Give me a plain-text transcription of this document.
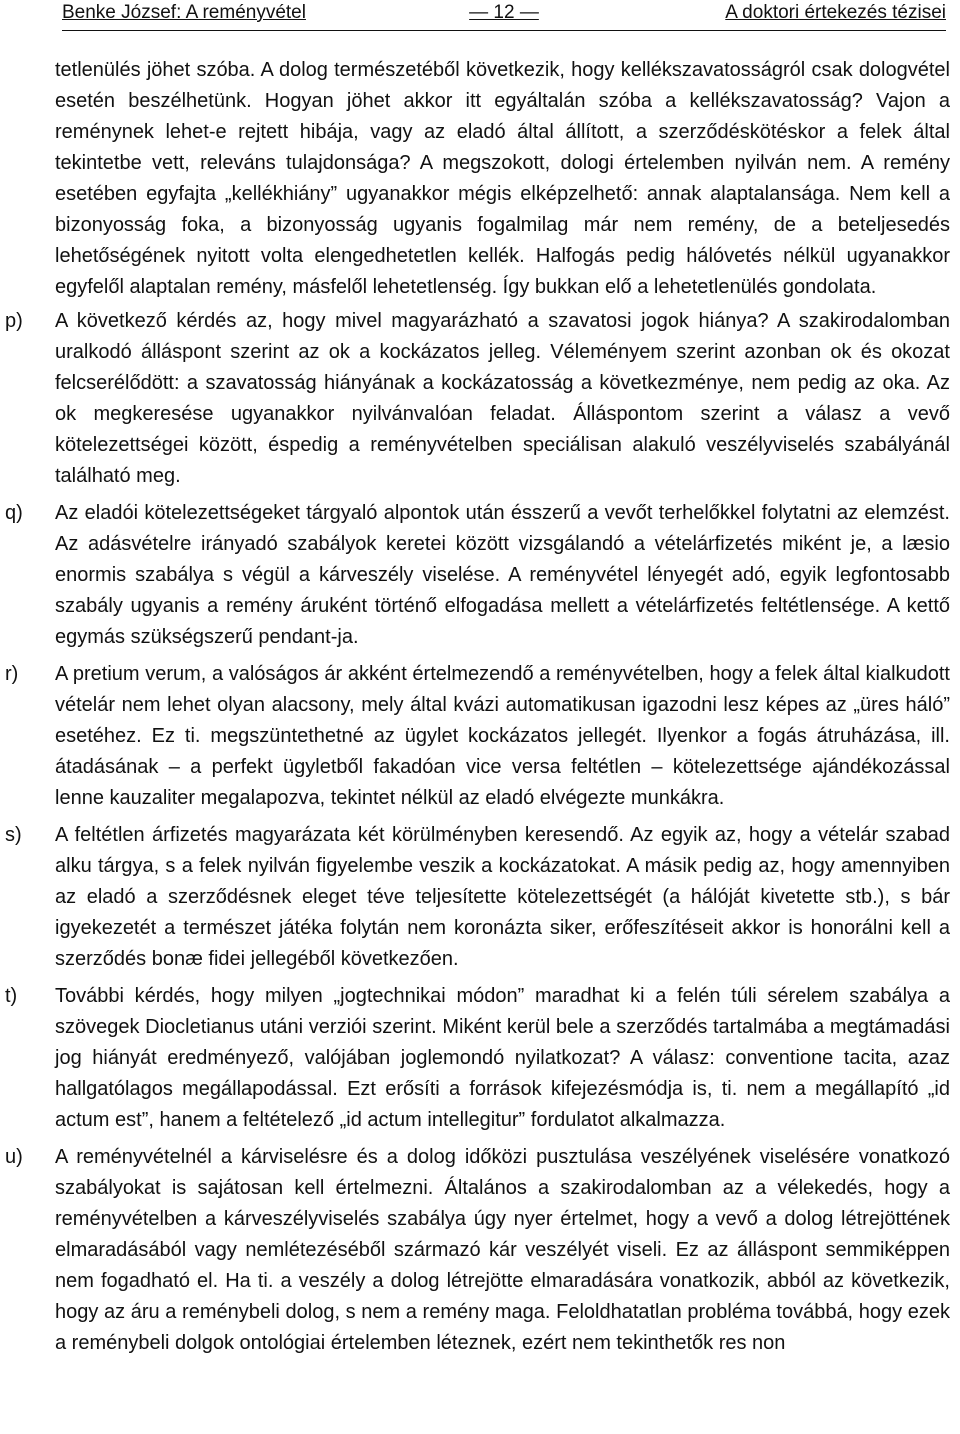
Benke József: A reményvétel	— 12 —	A doktori értekezés tézisei
tetlenülés jöhet szóba. A dolog természetéből következik, hogy kellékszavatosságról csak dologvétel esetén beszélhetünk. Hogyan jöhet akkor itt egyáltalán szóba a kellékszavatosság? Vajon a reménynek lehet-e rejtett hibája, vagy az eladó által állított, a szerződéskötéskor a felek által tekintetbe vett, releváns tulajdonsága? A megszokott, dologi értelemben nyilván nem. A remény esetében egyfajta „kellékhiány” ugyanakkor mégis elképzelhető: annak alaptalansága. Nem kell a bizonyosság foka, a bizonyosság ugyanis fogalmilag már nem remény, de a beteljesedés lehetőségének nyitott volta elengedhetetlen kellék. Halfogás pedig hálóvetés nélkül ugyanakkor egyfelől alaptalan remény, másfelől lehetetlenség. Így bukkan elő a lehetetlenülés gondolata.
p) A következő kérdés az, hogy mivel magyarázható a szavatosi jogok hiánya? A szakirodalomban uralkodó álláspont szerint az ok a kockázatos jelleg. Véleményem szerint azonban ok és okozat felcserélődött: a szavatosság hiányának a kockázatosság a következménye, nem pedig az oka. Az ok megkeresése ugyanakkor nyilvánvalóan feladat. Álláspontom szerint a válasz a vevő kötelezettségei között, éspedig a reményvételben speciálisan alakuló veszélyviselés szabályánál található meg.
q) Az eladói kötelezettségeket tárgyaló alpontok után ésszerű a vevőt terhelőkkel folytatni az elemzést. Az adásvételre irányadó szabályok keretei között vizsgálandó a vételárfizetés miként je, a læsio enormis szabálya s végül a kárveszély viselése. A reményvétel lényegét adó, egyik legfontosabb szabály ugyanis a remény áruként történő elfogadása mellett a vételárfizetés feltétlensége. A kettő egymás szükségszerű pendant-ja.
r) A pretium verum, a valóságos ár akként értelmezendő a reményvételben, hogy a felek által kialkudott vételár nem lehet olyan alacsony, mely által kvázi automatikusan igazodni lesz képes az „üres háló” esetéhez. Ez ti. megszüntethetné az ügylet kockázatos jellegét. Ilyenkor a fogás átruházása, ill. átadásának – a perfekt ügyletből fakadóan vice versa feltétlen – kötelezettsége ajándékozással lenne kauzaliter megalapozva, tekintet nélkül az eladó elvégezte munkákra.
s) A feltétlen árfizetés magyarázata két körülményben keresendő. Az egyik az, hogy a vételár szabad alku tárgya, s a felek nyilván figyelembe veszik a kockázatokat. A másik pedig az, hogy amennyiben az eladó a szerződésnek eleget téve teljesítette kötelezettségét (a hálóját kivetette stb.), s bár igyekezetét a természet játéka folytán nem koronázta siker, erőfeszítéseit akkor is honorálni kell a szerződés bonæ fidei jellegéből következően.
t) További kérdés, hogy milyen „jogtechnikai módon” maradhat ki a felén túli sérelem szabálya a szövegek Diocletianus utáni verziói szerint. Miként kerül bele a szerződés tartalmába a megtámadási jog hiányát eredményező, valójában joglemondó nyilatkozat? A válasz: conventione tacita, azaz hallgatólagos megállapodással. Ezt erősíti a források kifejezésmódja is, ti. nem a megállapító „id actum est”, hanem a feltételező „id actum intellegitur” fordulatot alkalmazza.
u) A reményvételnél a kárviselésre és a dolog időközi pusztulása veszélyének viselésére vonatkozó szabályokat is sajátosan kell értelmezni. Általános a szakirodalomban az a vélekedés, hogy a reményvételben a kárveszélyviselés szabálya úgy nyer értelmet, hogy a vevő a dolog létrejöttének elmaradásából vagy nemlétezéséből származó kár veszélyét viseli. Ez az álláspont semmiképpen nem fogadható el. Ha ti. a veszély a dolog létrejötte elmaradására vonatkozik, abból az következik, hogy az áru a reménybeli dolog, s nem a remény maga. Feloldhatatlan probléma továbbá, hogy ezek a reménybeli dolgok ontológiai értelemben léteznek, ezért nem tekinthetők res non
